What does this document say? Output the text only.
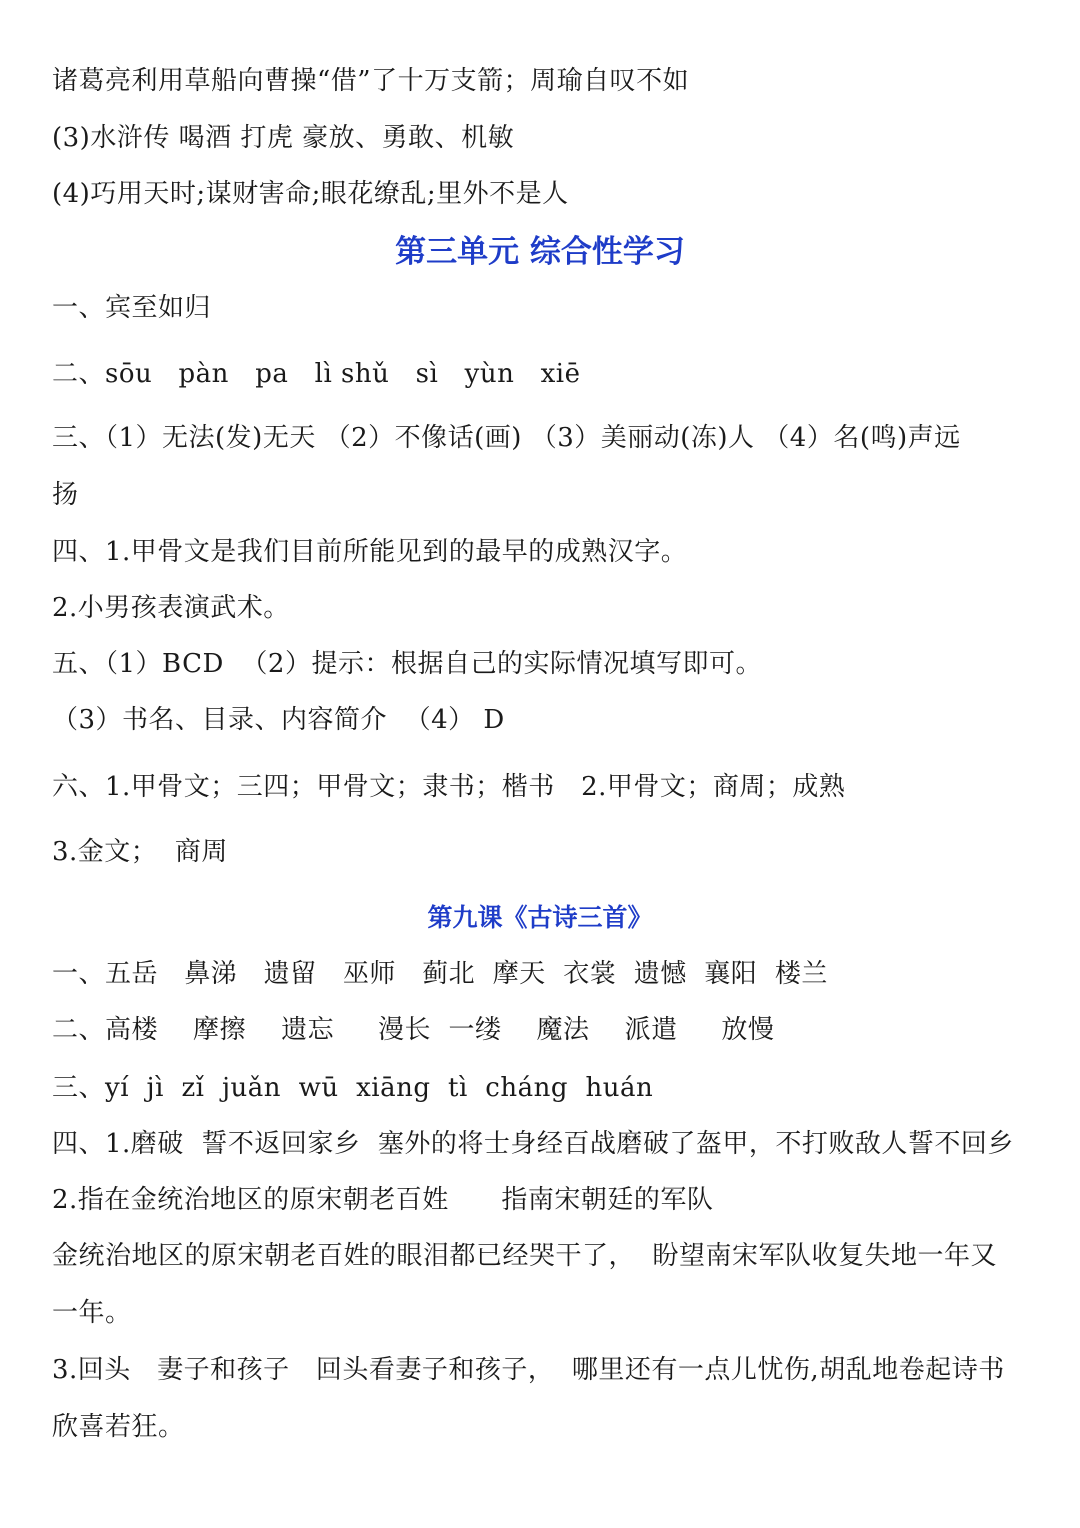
诸葛亮利用草船向曹操“借”了十万支箭；周瑜自叹不如
(3)水浒传 喝酒 打虎 豪放、勇敢、机敏
(4)巧用天时;谋财害命;眼花缭乱;里外不是人
第三单元 综合性学习
一、宾至如归
二、sōu   pàn   pa   lì shǔ   sì   yùn   xiē
三、（1）无法(发)无天 （2）不像话(画) （3）美丽动(冻)人 （4）名(鸣)声远
扬
四、1.甲骨文是我们目前所能见到的最早的成熟汉字。
2.小男孩表演武术。
五、（1）BCD  （2）提示：根据自己的实际情况填写即可。
（3）书名、目录、内容简介  （4） D
六、1.甲骨文；三四；甲骨文；隶书；楷书   2.甲骨文；商周；成熟
3.金文；  商周
第九课《古诗三首》
一、五岳   鼻涕   遗留   巫师   蓟北  摩天  衣裳  遗憾  襄阳  楼兰
二、高楼    摩擦    遗忘     漫长  一缕    魔法    派遣     放慢
三、yí  jì  zǐ  juǎn  wū  xiāng  tì  cháng  huán
四、1.磨破  誓不返回家乡  塞外的将士身经百战磨破了盔甲，不打败敌人誓不回乡
2.指在金统治地区的原宋朝老百姓      指南宋朝廷的军队
金统治地区的原宋朝老百姓的眼泪都已经哭干了，  盼望南宋军队收复失地一年又
一年。
3.回头   妻子和孩子   回头看妻子和孩子，  哪里还有一点儿忧伤,胡乱地卷起诗书
欣喜若狂。
